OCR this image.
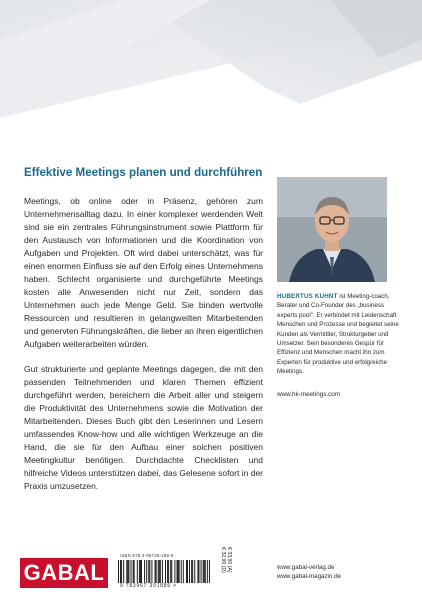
Effektive Meetings planen und durchführen

Meetings, ob online oder in Präsenz, gehören zum Unternehmensalltag dazu. In einer komplexer werdenden Welt sind sie ein zentrales Führungsinstrument sowie Plattform für den Austausch von Informationen und die Koordination von Aufgaben und Projekten. Oft wird dabei unterschätzt, was für einen enormen Einfluss sie auf den Erfolg eines Unternehmens haben. Schlecht organisierte und durchgeführte Meetings kosten alle Anwesenden nicht nur Zeit, sondern das Unternehmen auch jede Menge Geld. Sie binden wertvolle Ressourcen und resultieren in gelangweilten Mitarbeitenden und genervten Führungskräften, die lieber an ihren eigentlichen Aufgaben weiterarbeiten würden.

Gut strukturierte und geplante Meetings dagegen, die mit den passenden Teilnehmenden und klaren Themen effizient durchgeführt werden, bereichern die Arbeit aller und steigern die Produktivität des Unternehmens sowie die Motivation der Mitarbeitenden. Dieses Buch gibt den Leserinnen und Lesern umfassendes Know-how und alle wichtigen Werkzeuge an die Hand, die sie für den Aufbau einer solchen positiven Meetingkultur benötigen. Durchdachte Checklisten und hilfreiche Videos unterstützen dabei, das Gelesene sofort in der Praxis umzusetzen.

HUBERTUS KUHNT ist Meeting-coach, Berater und Co-Founder des „business experts pool". Er verbindet mit Leidenschaft Menschen und Prozesse und begleitet seine Kunden als Vermittler, Strukturgeber und Umsetzer. Sein besonderes Gespür für Effizienz und Menschen macht ihn zum Experten für produktive und erfolgreiche Meetings.
www.hk-meetings.com
GABAL
ISBN 978-3-96739-188-6
9 783967 391886 >
€ 32,90 (D) € 33,90 (A)	www.gabal-verlag.de
www.gabal-magazin.de
